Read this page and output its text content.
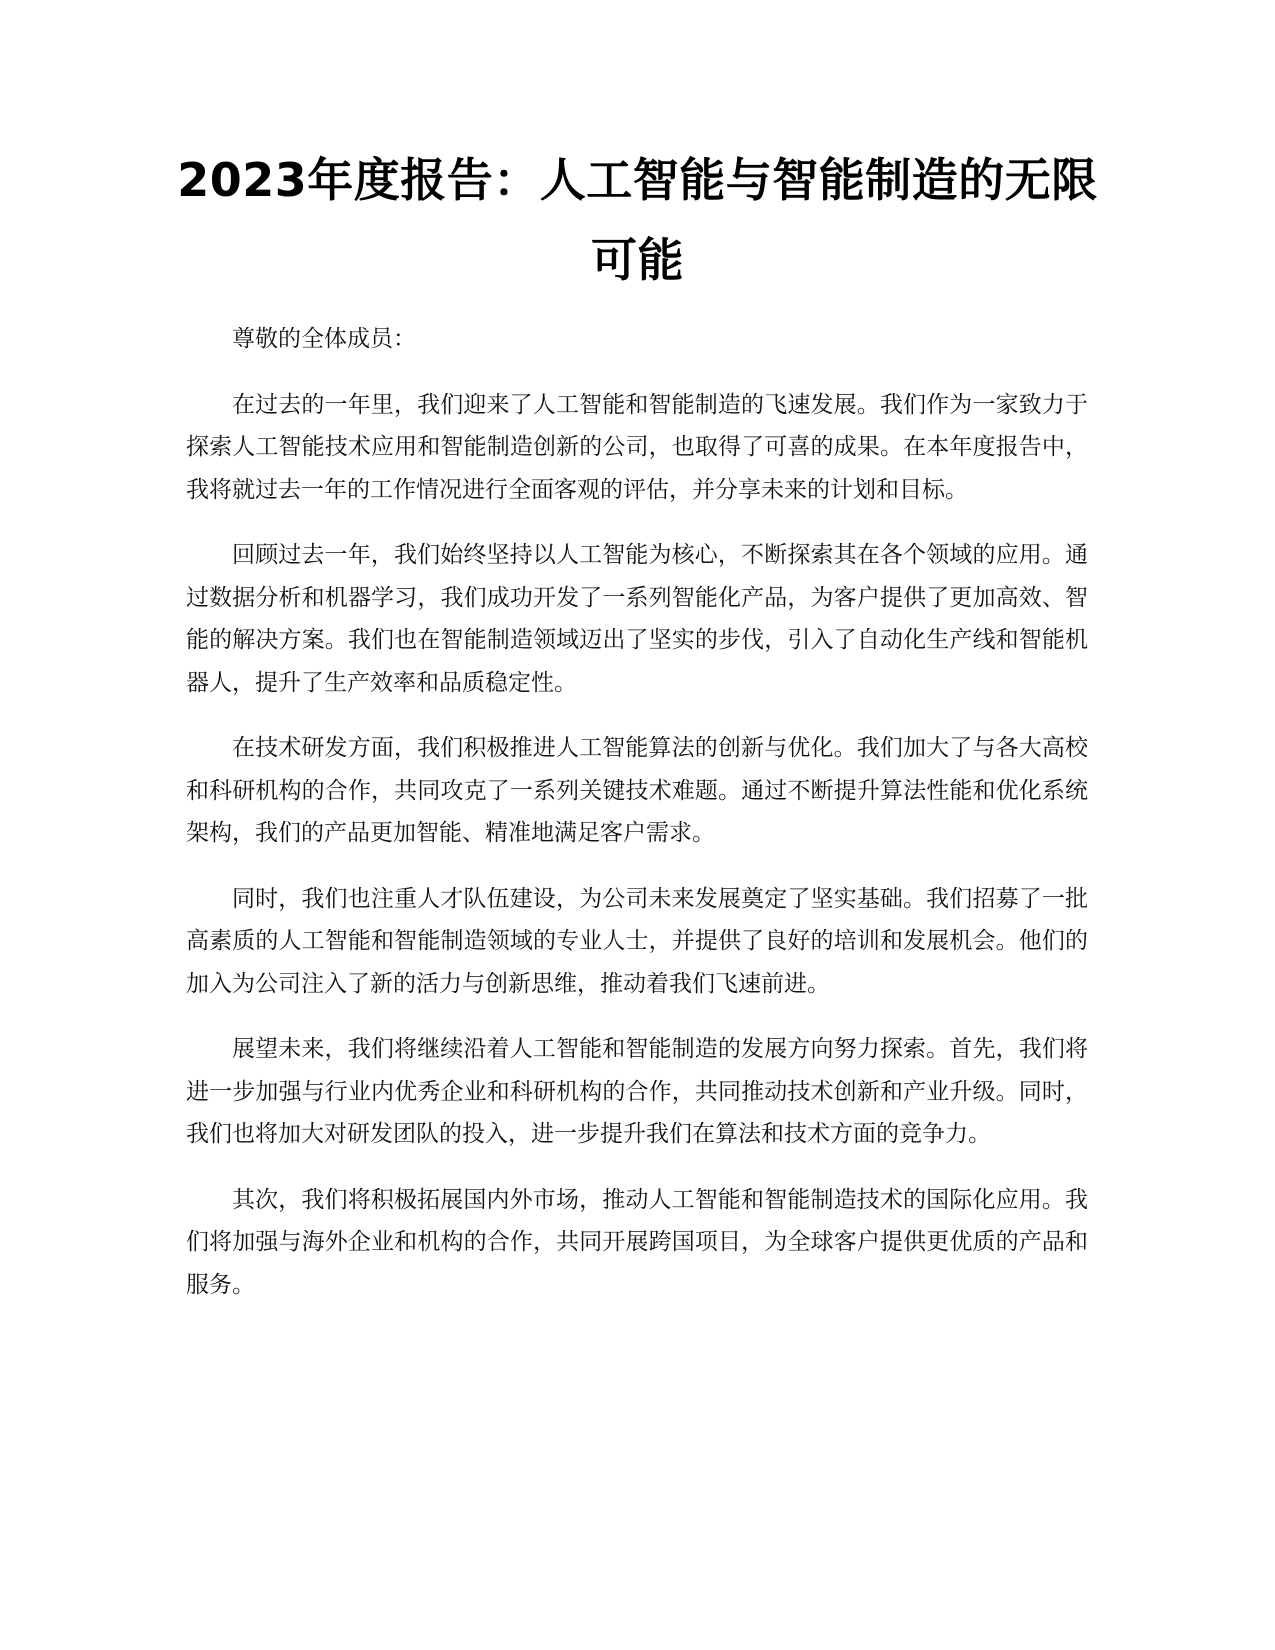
2023年度报告：人工智能与智能制造的无限可能

尊敬的全体成员：

在过去的一年里，我们迎来了人工智能和智能制造的飞速发展。我们作为一家致力于探索人工智能技术应用和智能制造创新的公司，也取得了可喜的成果。在本年度报告中，我将就过去一年的工作情况进行全面客观的评估，并分享未来的计划和目标。

回顾过去一年，我们始终坚持以人工智能为核心，不断探索其在各个领域的应用。通过数据分析和机器学习，我们成功开发了一系列智能化产品，为客户提供了更加高效、智能的解决方案。我们也在智能制造领域迈出了坚实的步伐，引入了自动化生产线和智能机器人，提升了生产效率和品质稳定性。

在技术研发方面，我们积极推进人工智能算法的创新与优化。我们加大了与各大高校和科研机构的合作，共同攻克了一系列关键技术难题。通过不断提升算法性能和优化系统架构，我们的产品更加智能、精准地满足客户需求。

同时，我们也注重人才队伍建设，为公司未来发展奠定了坚实基础。我们招募了一批高素质的人工智能和智能制造领域的专业人士，并提供了良好的培训和发展机会。他们的加入为公司注入了新的活力与创新思维，推动着我们飞速前进。

展望未来，我们将继续沿着人工智能和智能制造的发展方向努力探索。首先，我们将进一步加强与行业内优秀企业和科研机构的合作，共同推动技术创新和产业升级。同时，我们也将加大对研发团队的投入，进一步提升我们在算法和技术方面的竞争力。

其次，我们将积极拓展国内外市场，推动人工智能和智能制造技术的国际化应用。我们将加强与海外企业和机构的合作，共同开展跨国项目，为全球客户提供更优质的产品和服务。
